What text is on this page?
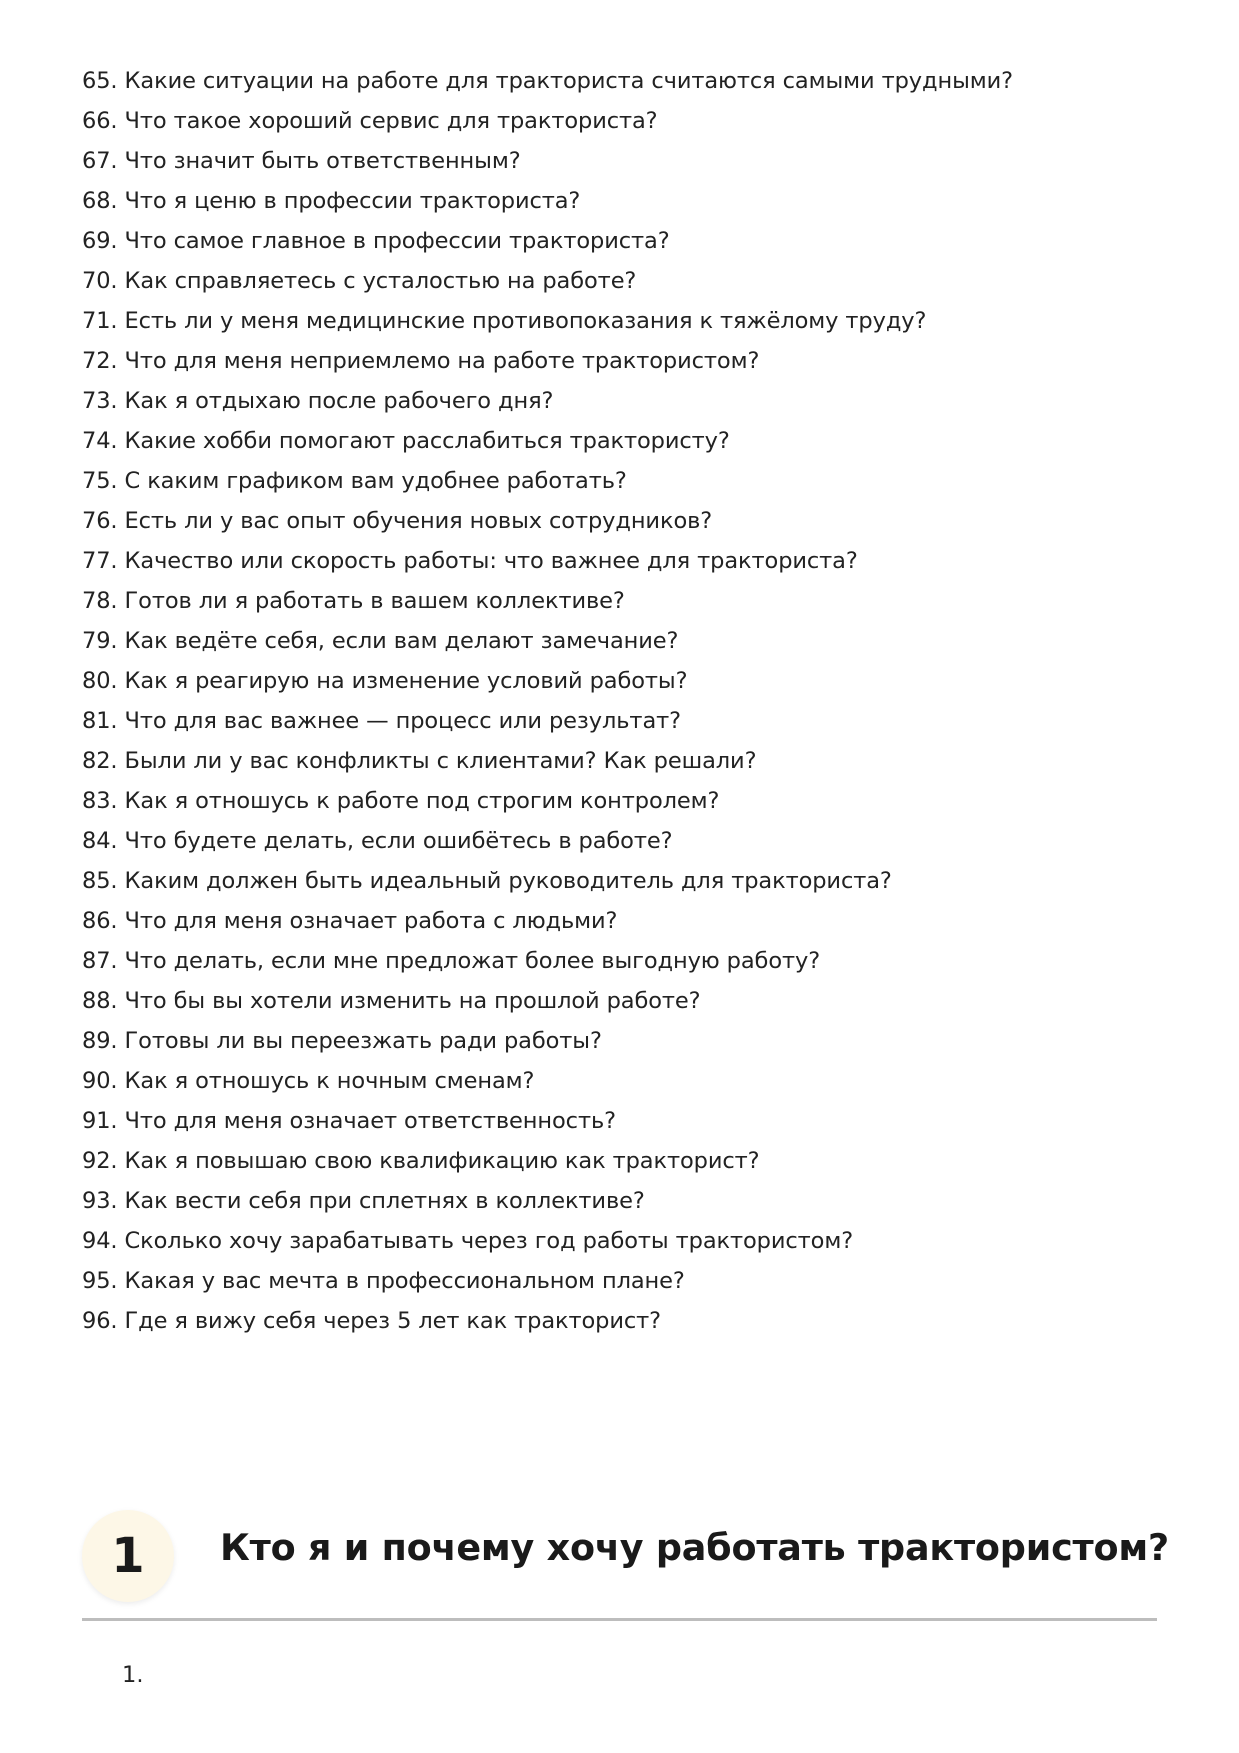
65. Какие ситуации на работе для тракториста считаются самыми трудными?
66. Что такое хороший сервис для тракториста?
67. Что значит быть ответственным?
68. Что я ценю в профессии тракториста?
69. Что самое главное в профессии тракториста?
70. Как справляетесь с усталостью на работе?
71. Есть ли у меня медицинские противопоказания к тяжёлому труду?
72. Что для меня неприемлемо на работе трактористом?
73. Как я отдыхаю после рабочего дня?
74. Какие хобби помогают расслабиться трактористу?
75. С каким графиком вам удобнее работать?
76. Есть ли у вас опыт обучения новых сотрудников?
77. Качество или скорость работы: что важнее для тракториста?
78. Готов ли я работать в вашем коллективе?
79. Как ведёте себя, если вам делают замечание?
80. Как я реагирую на изменение условий работы?
81. Что для вас важнее — процесс или результат?
82. Были ли у вас конфликты с клиентами? Как решали?
83. Как я отношусь к работе под строгим контролем?
84. Что будете делать, если ошибётесь в работе?
85. Каким должен быть идеальный руководитель для тракториста?
86. Что для меня означает работа с людьми?
87. Что делать, если мне предложат более выгодную работу?
88. Что бы вы хотели изменить на прошлой работе?
89. Готовы ли вы переезжать ради работы?
90. Как я отношусь к ночным сменам?
91. Что для меня означает ответственность?
92. Как я повышаю свою квалификацию как тракторист?
93. Как вести себя при сплетнях в коллективе?
94. Сколько хочу зарабатывать через год работы трактористом?
95. Какая у вас мечта в профессиональном плане?
96. Где я вижу себя через 5 лет как тракторист?
1	Кто я и почему хочу работать трактористом?
1.
